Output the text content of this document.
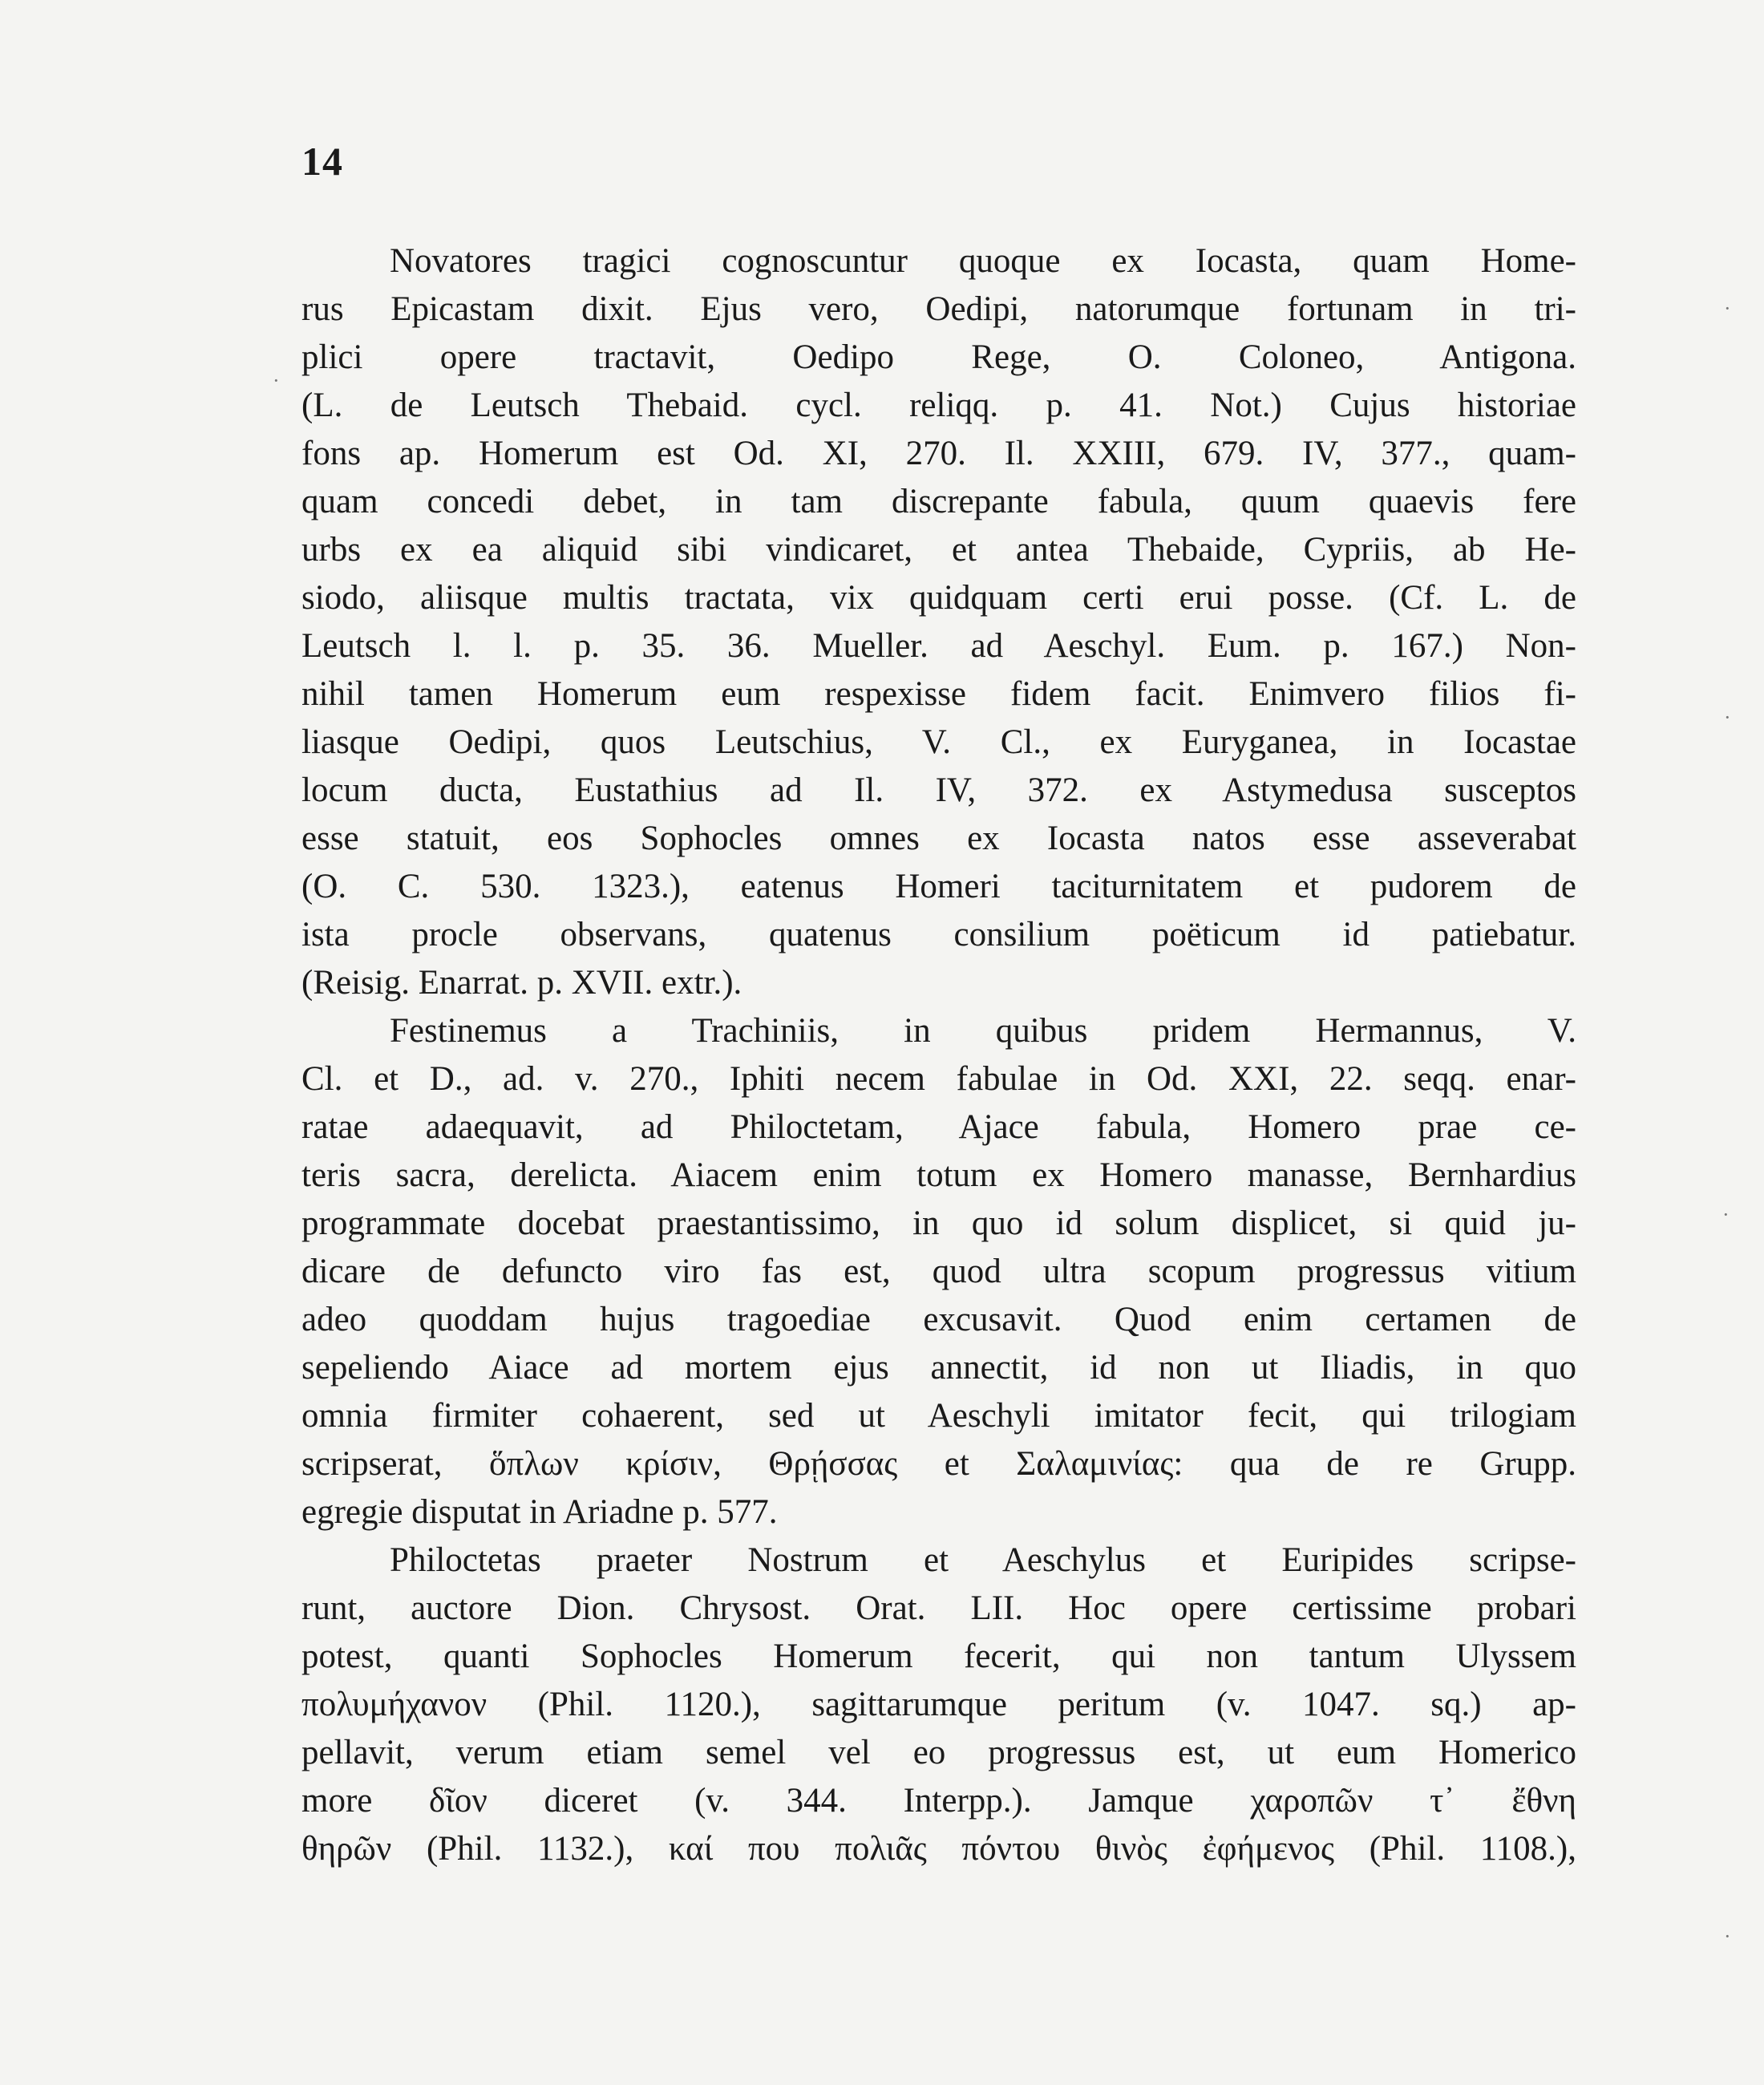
14
Novatores tragici cognoscuntur quoque ex Iocasta, quam Home-
rus Epicastam dixit. Ejus vero, Oedipi, natorumque fortunam in tri-
plici opere tractavit, Oedipo Rege, O. Coloneo, Antigona.
(L. de Leutsch Thebaid. cycl. reliqq. p. 41. Not.) Cujus historiae
fons ap. Homerum est Od. XI, 270. Il. XXIII, 679. IV, 377., quam-
quam concedi debet, in tam discrepante fabula, quum quaevis fere
urbs ex ea aliquid sibi vindicaret, et antea Thebaide, Cypriis, ab He-
siodo, aliisque multis tractata, vix quidquam certi erui posse. (Cf. L. de
Leutsch l. l. p. 35. 36. Mueller. ad Aeschyl. Eum. p. 167.) Non-
nihil tamen Homerum eum respexisse fidem facit. Enimvero filios fi-
liasque Oedipi, quos Leutschius, V. Cl., ex Euryganea, in Iocastae
locum ducta, Eustathius ad Il. IV, 372. ex Astymedusa susceptos
esse statuit, eos Sophocles omnes ex Iocasta natos esse asseverabat
(O. C. 530. 1323.), eatenus Homeri taciturnitatem et pudorem de
ista procle observans, quatenus consilium poëticum id patiebatur.
(Reisig. Enarrat. p. XVII. extr.).
Festinemus a Trachiniis, in quibus pridem Hermannus, V.
Cl. et D., ad. v. 270., Iphiti necem fabulae in Od. XXI, 22. seqq. enar-
ratae adaequavit, ad Philoctetam, Ajace fabula, Homero prae ce-
teris sacra, derelicta. Aiacem enim totum ex Homero manasse, Bernhardius
programmate docebat praestantissimo, in quo id solum displicet, si quid ju-
dicare de defuncto viro fas est, quod ultra scopum progressus vitium
adeo quoddam hujus tragoediae excusavit. Quod enim certamen de
sepeliendo Aiace ad mortem ejus annectit, id non ut Iliadis, in quo
omnia firmiter cohaerent, sed ut Aeschyli imitator fecit, qui trilogiam
scripserat, ὅπλων κρίσιν, Θρῄσσας et Σαλαμινίας: qua de re Grupp.
egregie disputat in Ariadne p. 577.
Philoctetas praeter Nostrum et Aeschylus et Euripides scripse-
runt, auctore Dion. Chrysost. Orat. LII. Hoc opere certissime probari
potest, quanti Sophocles Homerum fecerit, qui non tantum Ulyssem
πολυμήχανον (Phil. 1120.), sagittarumque peritum (v. 1047. sq.) ap-
pellavit, verum etiam semel vel eo progressus est, ut eum Homerico
more δῖον diceret (v. 344. Interpp.). Jamque χαροπῶν τ᾽ ἔθνη
θηρῶν (Phil. 1132.), καί που πολιᾶς πόντου θινὸς ἐφήμενος (Phil. 1108.),
·
·
·
·
·
